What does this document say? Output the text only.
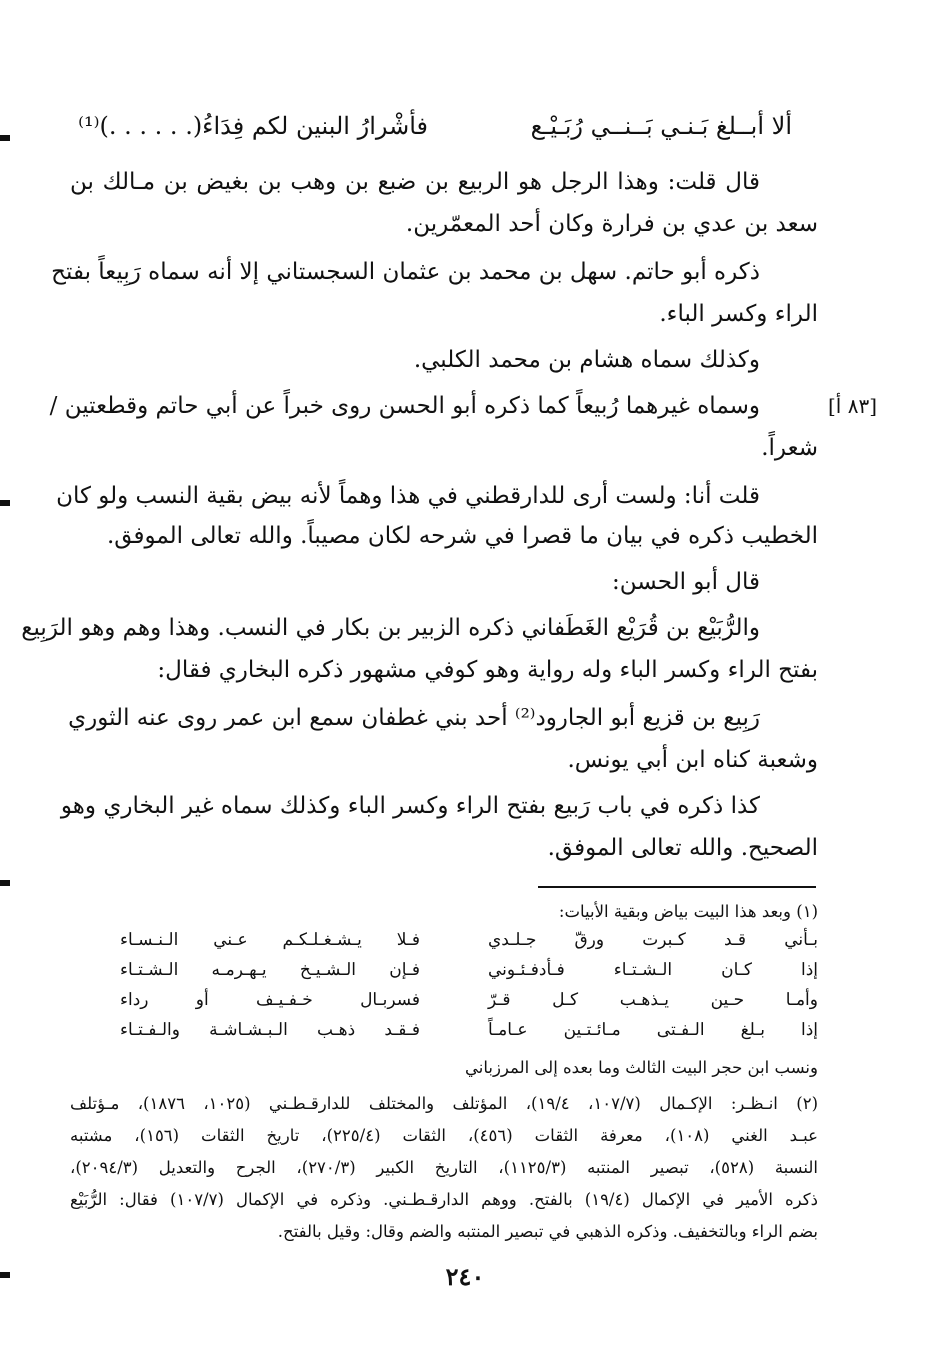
ألا أبــلغ بَـنـي بَــنــي رُبَـيْـع
فأشْرارُ البنين لكم فِدَاءُ(. . . . . .)⁽¹⁾
قال قلت: وهذا الرجل هو الربيع بن ضبع بن وهب بن بغيض بن مـالك بن
سعد بن عدي بن فرارة وكان أحد المعمّرين.
ذكره أبو حاتم. سهل بن محمد بن عثمان السجستاني إلا أنه سماه رَبِيعاً بفتح
الراء وكسر الباء.
وكذلك سماه هشام بن محمد الكلبي.
[٨٣ أ]
وسماه غيرهما رُبيعاً كما ذكره أبو الحسن روى خبراً عن أبي حاتم وقطعتين /
شعراً.
قلت أنا: ولست أرى للدارقطني في هذا وهماً لأنه بيض بقية النسب ولو كان
الخطيب ذكره في بيان ما قصرا في شرحه لكان مصيباً. والله تعالى الموفق.
قال أبو الحسن:
والرُّبَيْع بن قُرَيْع الغَطَفاني ذكره الزبير بن بكار في النسب. وهذا وهم وهو الرَبِيع
بفتح الراء وكسر الباء وله رواية وهو كوفي مشهور ذكره البخاري فقال:
رَبِيع بن قزيع أبو الجارود⁽²⁾ أحد بني غطفان سمع ابن عمر روى عنه الثوري
وشعبة كناه ابن أبي يونس.
كذا ذكره في باب رَبيع بفتح الراء وكسر الباء وكذلك سماه غير البخاري وهو
الصحيح. والله تعالى الموفق.
(١) وبعد هذا البيت بياض وبقية الأبيات:
بـأني قـد كـبرت ورقّ جـلـدي
فـلا يـشـغـلـكـم عـني الـنـسـاء
إذا كـان الـشـتـاء فـأدفـئـوني
فـإن الـشـيـخ يـهـرمـه الـشـتـاء
وأمـا حـين يـذهـب كـل قـرّ
فسربـال خـفـيـف أو رداء
إذا بـلغ الـفـتى مـائـتـين عـامـاً
فـقـد ذهـب الـبـشـاشـة والـفـتـاء
ونسب ابن حجر البيت الثالث وما بعده إلى المرزباني
(٢) انـظـر: الإكـمال (١٠٧/٧، ١٩/٤)، المؤتلف والمختلف للدارقـطـني (١٠٢٥، ١٨٧٦)، مـؤتلف
عبـد الغني (١٠٨)، معرفة الثقات (٤٥٦)، الثقات (٢٢٥/٤)، تاريخ الثقات (١٥٦)، مشتبه
النسبة (٥٢٨)، تبصير المنتبه (١١٢٥/٣)، التاريخ الكبير (٢٧٠/٣)، الجرح والتعديل (٢٠٩٤/٣)،
ذكره الأمير في الإكمال (١٩/٤) بالفتح. ووهم الدارقـطـني. وذكره في الإكمال (١٠٧/٧) فقال: الرُّبَيْع
بضم الراء وبالتخفيف. وذكره الذهبي في تبصير المنتبه والضم وقال: وقيل بالفتح.
٢٤٠
